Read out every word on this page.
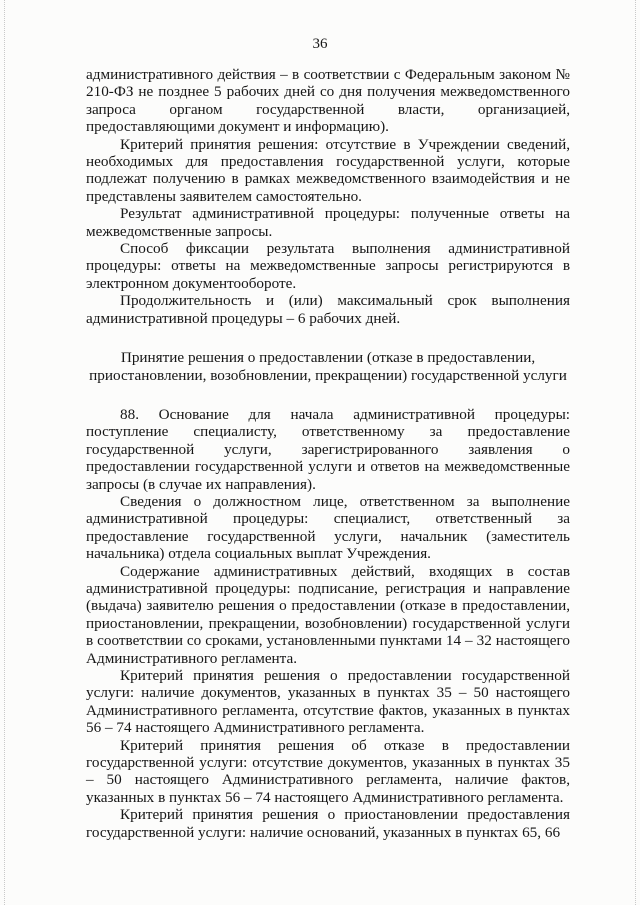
36

административного действия – в соответствии с Федеральным законом № 210-ФЗ не позднее 5 рабочих дней со дня получения межведомственного запроса органом государственной власти, организацией, предоставляющими документ и информацию).

Критерий принятия решения: отсутствие в Учреждении сведений, необходимых для предоставления государственной услуги, которые подлежат получению в рамках межведомственного взаимодействия и не представлены заявителем самостоятельно.

Результат административной процедуры: полученные ответы на межведомственные запросы.

Способ фиксации результата выполнения административной процедуры: ответы на межведомственные запросы регистрируются в электронном документообороте.

Продолжительность и (или) максимальный срок выполнения административной процедуры – 6 рабочих дней.

Принятие решения о предоставлении (отказе в предоставлении, приостановлении, возобновлении, прекращении) государственной услуги

88. Основание для начала административной процедуры: поступление специалисту, ответственному за предоставление государственной услуги, зарегистрированного заявления о предоставлении государственной услуги и ответов на межведомственные запросы (в случае их направления).

Сведения о должностном лице, ответственном за выполнение административной процедуры: специалист, ответственный за предоставление государственной услуги, начальник (заместитель начальника) отдела социальных выплат Учреждения.

Содержание административных действий, входящих в состав административной процедуры: подписание, регистрация и направление (выдача) заявителю решения о предоставлении (отказе в предоставлении, приостановлении, прекращении, возобновлении) государственной услуги в соответствии со сроками, установленными пунктами 14 – 32 настоящего Административного регламента.

Критерий принятия решения о предоставлении государственной услуги: наличие документов, указанных в пунктах 35 – 50 настоящего Административного регламента, отсутствие фактов, указанных в пунктах 56 – 74 настоящего Административного регламента.

Критерий принятия решения об отказе в предоставлении государственной услуги: отсутствие документов, указанных в пунктах 35 – 50 настоящего Административного регламента, наличие фактов, указанных в пунктах 56 – 74 настоящего Административного регламента.

Критерий принятия решения о приостановлении предоставления государственной услуги: наличие оснований, указанных в пунктах 65, 66
